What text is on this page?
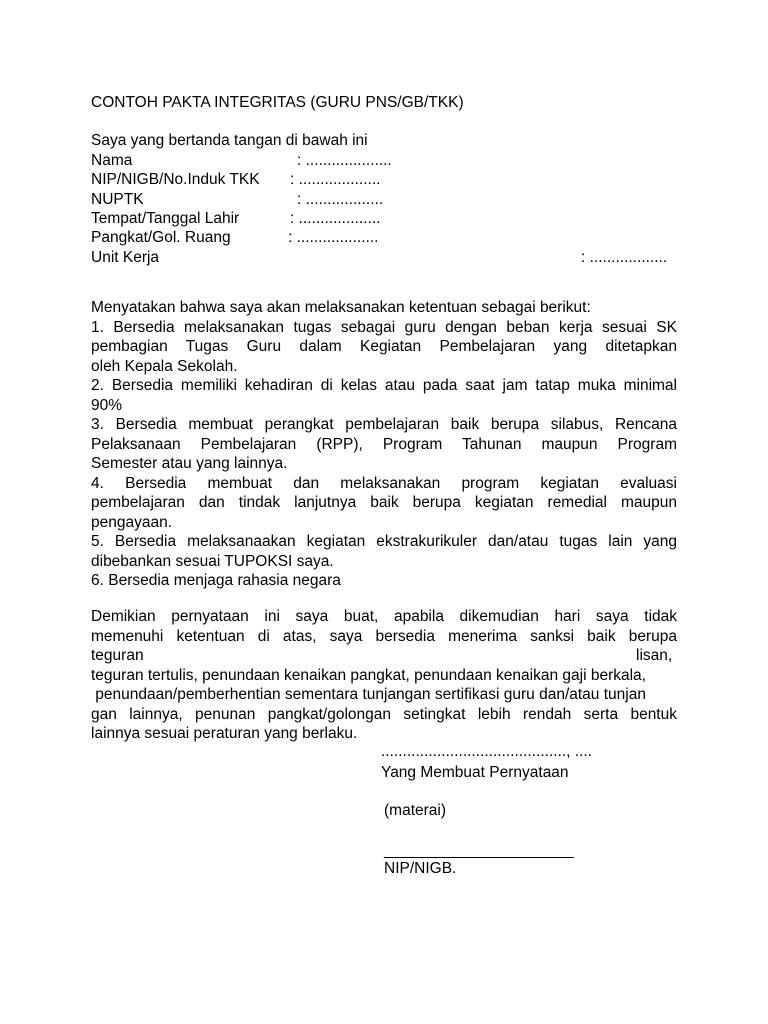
CONTOH PAKTA INTEGRITAS (GURU PNS/GB/TKK)
Saya yang bertanda tangan di bawah ini
Nama	: ....................
NIP/NIGB/No.Induk TKK : ...................
NUPTK	: ..................
Tempat/Tanggal Lahir	: ...................
Pangkat/Gol. Ruang	: ...................
Unit Kerja	: ..................
Menyatakan bahwa saya akan melaksanakan ketentuan sebagai berikut:
1. Bersedia melaksanakan tugas sebagai guru dengan beban kerja sesuai SK
pembagian Tugas Guru dalam Kegiatan Pembelajaran yang ditetapkan
oleh Kepala Sekolah.
2. Bersedia memiliki kehadiran di kelas atau pada saat jam tatap muka minimal
90%
3. Bersedia membuat perangkat pembelajaran baik berupa silabus, Rencana
Pelaksanaan Pembelajaran (RPP), Program Tahunan maupun Program
Semester atau yang lainnya.
4. Bersedia membuat dan melaksanakan program kegiatan evaluasi
pembelajaran dan tindak lanjutnya baik berupa kegiatan remedial maupun
pengayaan.
5. Bersedia melaksanaakan kegiatan ekstrakurikuler dan/atau tugas lain yang
dibebankan sesuai TUPOKSI saya.
6. Bersedia menjaga rahasia negara
Demikian pernyataan ini saya buat, apabila dikemudian hari saya tidak
memenuhi ketentuan di atas, saya bersedia menerima sanksi baik berupa
teguran	lisan,
teguran tertulis, penundaan kenaikan pangkat, penundaan kenaikan gaji berkala,
penundaan/pemberhentian sementara tunjangan sertifikasi guru dan/atau tunjan
gan lainnya, penunan pangkat/golongan setingkat lebih rendah serta bentuk
lainnya sesuai peraturan yang berlaku.
..........................................., ....
Yang Membuat Pernyataan
(materai)
______________________
NIP/NIGB.
